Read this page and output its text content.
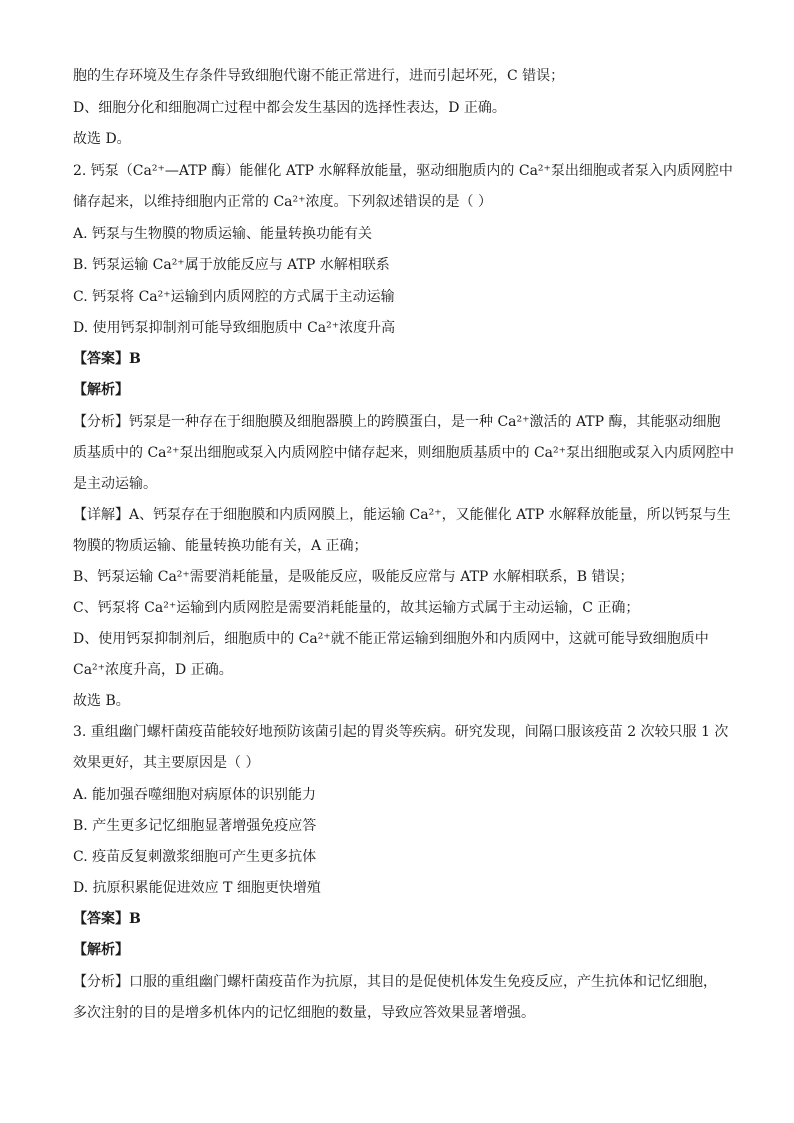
胞的生存环境及生存条件导致细胞代谢不能正常进行，进而引起坏死，C 错误；
D、细胞分化和细胞凋亡过程中都会发生基因的选择性表达，D 正确。
故选 D。
2. 钙泵（Ca²⁺—ATP 酶）能催化 ATP 水解释放能量，驱动细胞质内的 Ca²⁺泵出细胞或者泵入内质网腔中
储存起来，以维持细胞内正常的 Ca²⁺浓度。下列叙述错误的是（ ）
A. 钙泵与生物膜的物质运输、能量转换功能有关
B. 钙泵运输 Ca²⁺属于放能反应与 ATP 水解相联系
C. 钙泵将 Ca²⁺运输到内质网腔的方式属于主动运输
D. 使用钙泵抑制剂可能导致细胞质中 Ca²⁺浓度升高
【答案】B
【解析】
【分析】钙泵是一种存在于细胞膜及细胞器膜上的跨膜蛋白，是一种 Ca²⁺激活的 ATP 酶，其能驱动细胞
质基质中的 Ca²⁺泵出细胞或泵入内质网腔中储存起来，则细胞质基质中的 Ca²⁺泵出细胞或泵入内质网腔中
是主动运输。
【详解】A、钙泵存在于细胞膜和内质网膜上，能运输 Ca²⁺，又能催化 ATP 水解释放能量，所以钙泵与生
物膜的物质运输、能量转换功能有关，A 正确；
B、钙泵运输 Ca²⁺需要消耗能量，是吸能反应，吸能反应常与 ATP 水解相联系，B 错误；
C、钙泵将 Ca²⁺运输到内质网腔是需要消耗能量的，故其运输方式属于主动运输，C 正确；
D、使用钙泵抑制剂后，细胞质中的 Ca²⁺就不能正常运输到细胞外和内质网中，这就可能导致细胞质中
Ca²⁺浓度升高，D 正确。
故选 B。
3. 重组幽门螺杆菌疫苗能较好地预防该菌引起的胃炎等疾病。研究发现，间隔口服该疫苗 2 次较只服 1 次
效果更好，其主要原因是（ ）
A. 能加强吞噬细胞对病原体的识别能力
B. 产生更多记忆细胞显著增强免疫应答
C. 疫苗反复刺激浆细胞可产生更多抗体
D. 抗原积累能促进效应 T 细胞更快增殖
【答案】B
【解析】
【分析】口服的重组幽门螺杆菌疫苗作为抗原，其目的是促使机体发生免疫反应，产生抗体和记忆细胞，
多次注射的目的是增多机体内的记忆细胞的数量，导致应答效果显著增强。
